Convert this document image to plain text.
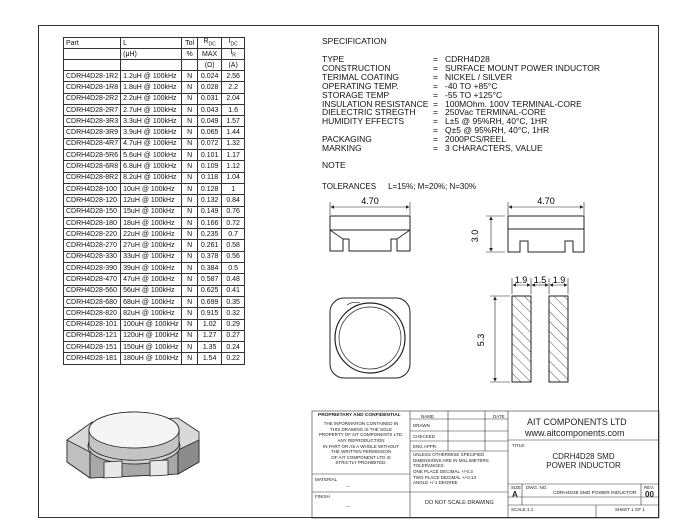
Part	L	Tol	$R_{DC}$	$I_{DC}$
	(μH)	%	MAX	$I_R$
			(Ω)	(A)
CDRH4D28-1R2	1.2uH @ 100kHz	N	0.024	2.56
CDRH4D28-1R8	1.8uH @ 100kHz	N	0.028	2.2
CDRH4D28-2R2	2.2uH @ 100kHz	N	0.031	2.04
CDRH4D28-2R7	2.7uH @ 100kHz	N	0.043	1.6
CDRH4D28-3R3	3.3uH @ 100kHz	N	0.049	1.57
CDRH4D28-3R9	3.9uH @ 100kHz	N	0.065	1.44
CDRH4D28-4R7	4.7uH @ 100kHz	N	0.072	1.32
CDRH4D28-5R6	5.6uH @ 100kHz	N	0.101	1.17
CDRH4D28-6R8	6.8uH @ 100kHz	N	0.109	1.12
CDRH4D28-8R2	8.2uH @ 100kHz	N	0.118	1.04
CDRH4D28-100	10uH @ 100kHz	N	0.128	1
CDRH4D28-120	12uH @ 100kHz	N	0.132	0.84
CDRH4D28-150	15uH @ 100kHz	N	0.149	0.76
CDRH4D28-180	18uH @ 100kHz	N	0.166	0.72
CDRH4D28-220	22uH @ 100kHz	N	0.235	0.7
CDRH4D28-270	27uH @ 100kHz	N	0.261	0.58
CDRH4D28-330	33uH @ 100kHz	N	0.378	0.56
CDRH4D28-390	39uH @ 100kHz	N	0.384	0.5
CDRH4D28-470	47uH @ 100kHz	N	0.587	0.48
CDRH4D28-560	56uH @ 100kHz	N	0.625	0.41
CDRH4D28-680	68uH @ 100kHz	N	0.699	0.35
CDRH4D28-820	82uH @ 100kHz	N	0.915	0.32
CDRH4D28-101	100uH @ 100kHz	N	1.02	0.29
CDRH4D28-121	120uH @ 100kHz	N	1.27	0.27
CDRH4D28-151	150uH @ 100kHz	N	1.35	0.24
CDRH4D28-181	180uH @ 100kHz	N	1.54	0.22
SPECIFICATION
TYPE	= CDRH4D28
CONSTRUCTION	= SURFACE MOUNT POWER INDUCTOR
TERIMAL COATING	= NICKEL / SILVER
OPERATING TEMP.	= -40 TO +85°C
STORAGE TEMP	= -55 TO +125°C
INSULATION RESISTANCE = 100MOhm. 100V TERMINAL-CORE
DIELECTRIC STREGTH	= 250Vac TERMINAL-CORE
HUMIDITY EFFECTS	= L±5 @ 95%RH, 40°C, 1HR
= Q±5 @ 95%RH, 40°C, 1HR
PACKAGING	= 2000PCS/REEL
MARKING	= 3 CHARACTERS, VALUE
NOTE
TOLERANCES L=15%; M=20%; N=30%
4.70	4.70
3.0
1.9 1.5 1.9
5.3
PROPRIETARY AND CONFIDENTIAL
THE INFORMATION CONTAINED IN
THIS DRAWING IS THE SOLE
PROPERTY OF AIT COMPONENTS LTD.
ANY REPRODUCTION
IN PART OR AS A WHOLE WITHOUT
THE WRITTEN PERMISSION
OF AIT COMPONENT LTD IS
STRICTLY PROHIBITED.
NAME	DATE
DRAWN
CHECKED
ENG APPR.
UNLESS OTHERWISE SPECIFIED
DIMENSIONS ARE IN MILLIMETERS
TOLERANCES:
ONE PLACE DECIMAL +/-0.3
TWO PLACE DECIMAL +/-0.13
ANGLE +/-1 DEGREE
MATERIAL
---
FINISH
---
DO NOT SCALE DRAWING
AIT COMPONENTS LTD
www.aitcomponents.com
TITLE:
CDRH4D28 SMD
POWER INDUCTOR
SIZE
A
DWG. NO.
CDRH4D28 SMD POWER INDUCTOR
REV.
00
SCALE:1:1	SHEET 1 OF 1
